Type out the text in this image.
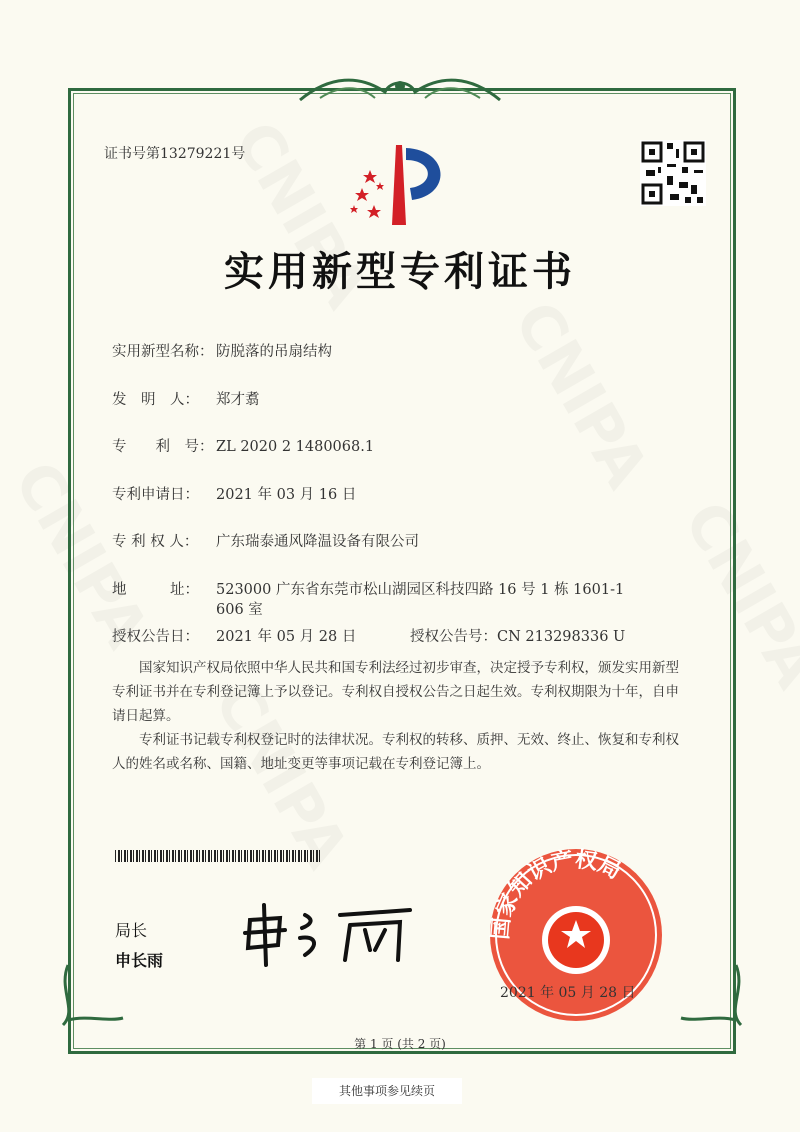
证书号第13279221号
实用新型专利证书
实用新型名称： 防脱落的吊扇结构
发　明　人： 郑才翥
专　　利　号： ZL 2020 2 1480068.1
专利申请日： 2021 年 03 月 16 日
专 利 权 人： 广东瑞泰通风降温设备有限公司
地　　　址： 523000 广东省东莞市松山湖园区科技四路 16 号 1 栋 1601-1
606 室
授权公告日： 2021 年 05 月 28 日	授权公告号：CN 213298336 U
国家知识产权局依照中华人民共和国专利法经过初步审查，决定授予专利权，颁发实用新型专利证书并在专利登记簿上予以登记。专利权自授权公告之日起生效。专利权期限为十年，自申请日起算。
专利证书记载专利权登记时的法律状况。专利权的转移、质押、无效、终止、恢复和专利权人的姓名或名称、国籍、地址变更等事项记载在专利登记簿上。
局长
申长雨
国家知识产权局
2021 年 05 月 28 日
第 1 页 (共 2 页)
其他事项参见续页
